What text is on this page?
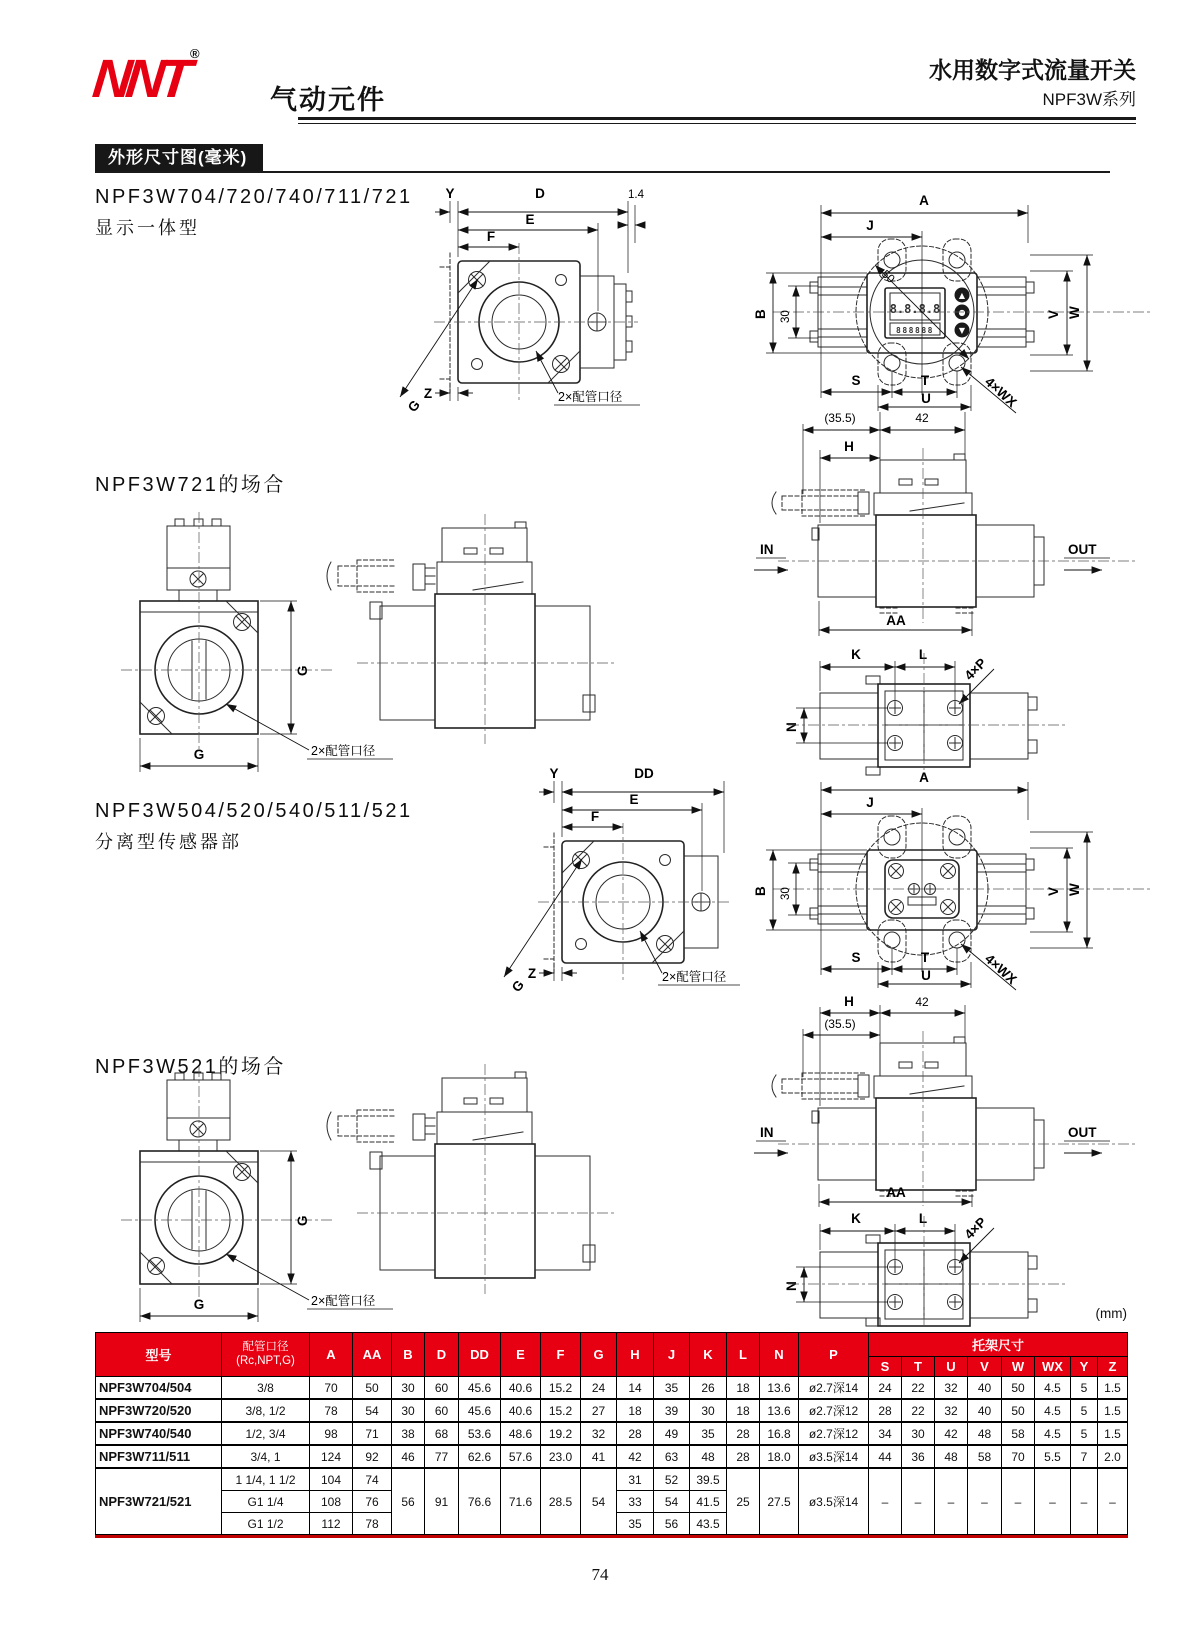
NNT®
气动元件
水用数字式流量开关
NPF3W系列
外形尺寸图(毫米)
NPF3W704/720/740/711/721
显示一体型
NPF3W721的场合
NPF3W504/520/540/511/521
分离型传感器部
NPF3W521的场合
Y	D	1.4
E
F
Z
G
2×配管口径
8.8.8.8
888888
▲
●
▼
A
J
50
B 30	V W
S	T
U	4×WX
(35.5)	42
H
IN	OUT
AA
K	L
N
4×P
G
G	2×配管口径
Y	DD
E
F
Z
G
2×配管口径
A
J
B 30	V W
S	T
U	4×WX
H	42
(35.5)
IN	OUT
AA
K	L
N
4×P
G
G	2×配管口径
(mm)
型号	配管口径
(Rc,NPT,G)	A	AA	B	D	DD	E	F	G	H	J	K	L	N	P	托架尺寸							
																S	T	U	V	W	WX	Y	Z
NPF3W704/504	3/8	70	50	30	60	45.6	40.6	15.2	24	14	35	26	18	13.6	ø2.7深14	24	22	32	40	50	4.5	5	1.5
NPF3W720/520	3/8, 1/2	78	54	30	60	45.6	40.6	15.2	27	18	39	30	18	13.6	ø2.7深12	28	22	32	40	50	4.5	5	1.5
NPF3W740/540	1/2, 3/4	98	71	38	68	53.6	48.6	19.2	32	28	49	35	28	16.8	ø2.7深12	34	30	42	48	58	4.5	5	1.5
NPF3W711/511	3/4, 1	124	92	46	77	62.6	57.6	23.0	41	42	63	48	28	18.0	ø3.5深14	44	36	48	58	70	5.5	7	2.0
NPF3W721/521	1 1/4, 1 1/2	104	74	56	91	76.6	71.6	28.5	54	31	52	39.5	25	27.5	ø3.5深14	–	–	–	–	–	–	–	–
	G1 1/4	108	76							33	54	41.5											
	G1 1/2	112	78							35	56	43.5											
74
